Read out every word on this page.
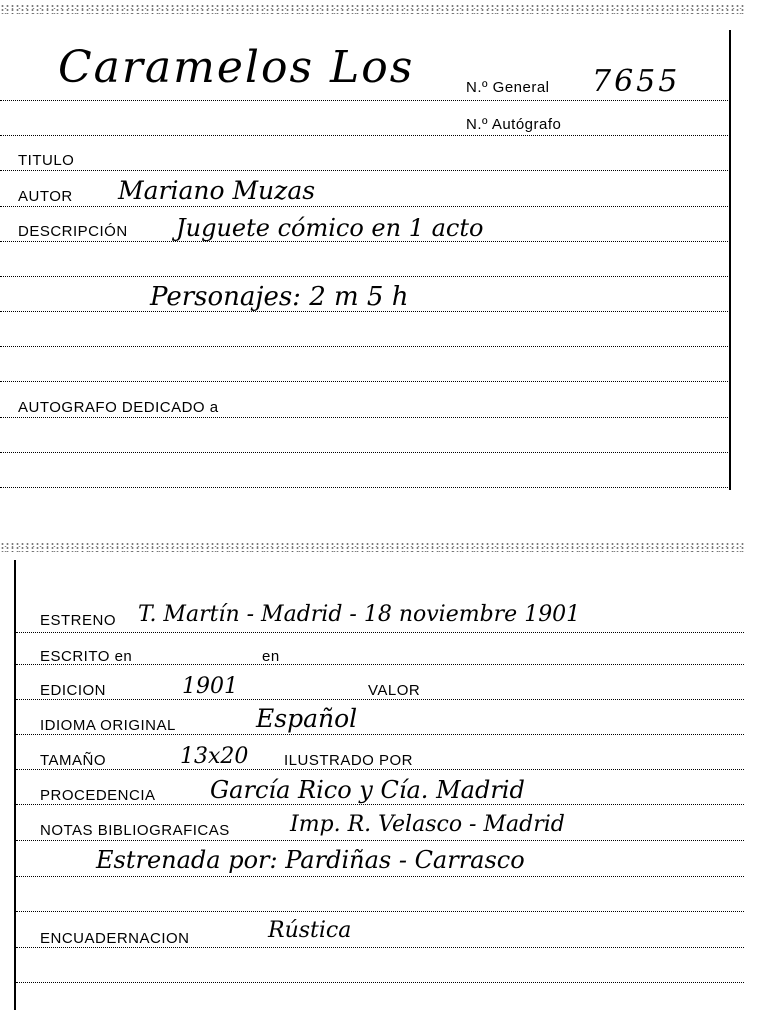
Caramelos Los	N.º General 7655
N.º Autógrafo
TITULO
AUTOR Mariano Muzas
DESCRIPCIÓN Juguete cómico en 1 acto
Personajes: 2 m 5 h
AUTOGRAFO DEDICADO a
ESTRENO T. Martín - Madrid - 18 noviembre 1901
ESCRITO en	en
EDICION	1901	VALOR
IDIOMA ORIGINAL	Español
TAMAÑO	13x20 ILUSTRADO POR
PROCEDENCIA García Rico y Cía. Madrid
NOTAS BIBLIOGRAFICAS	Imp. R. Velasco - Madrid
Estrenada por: Pardiñas - Carrasco
ENCUADERNACION	Rústica
